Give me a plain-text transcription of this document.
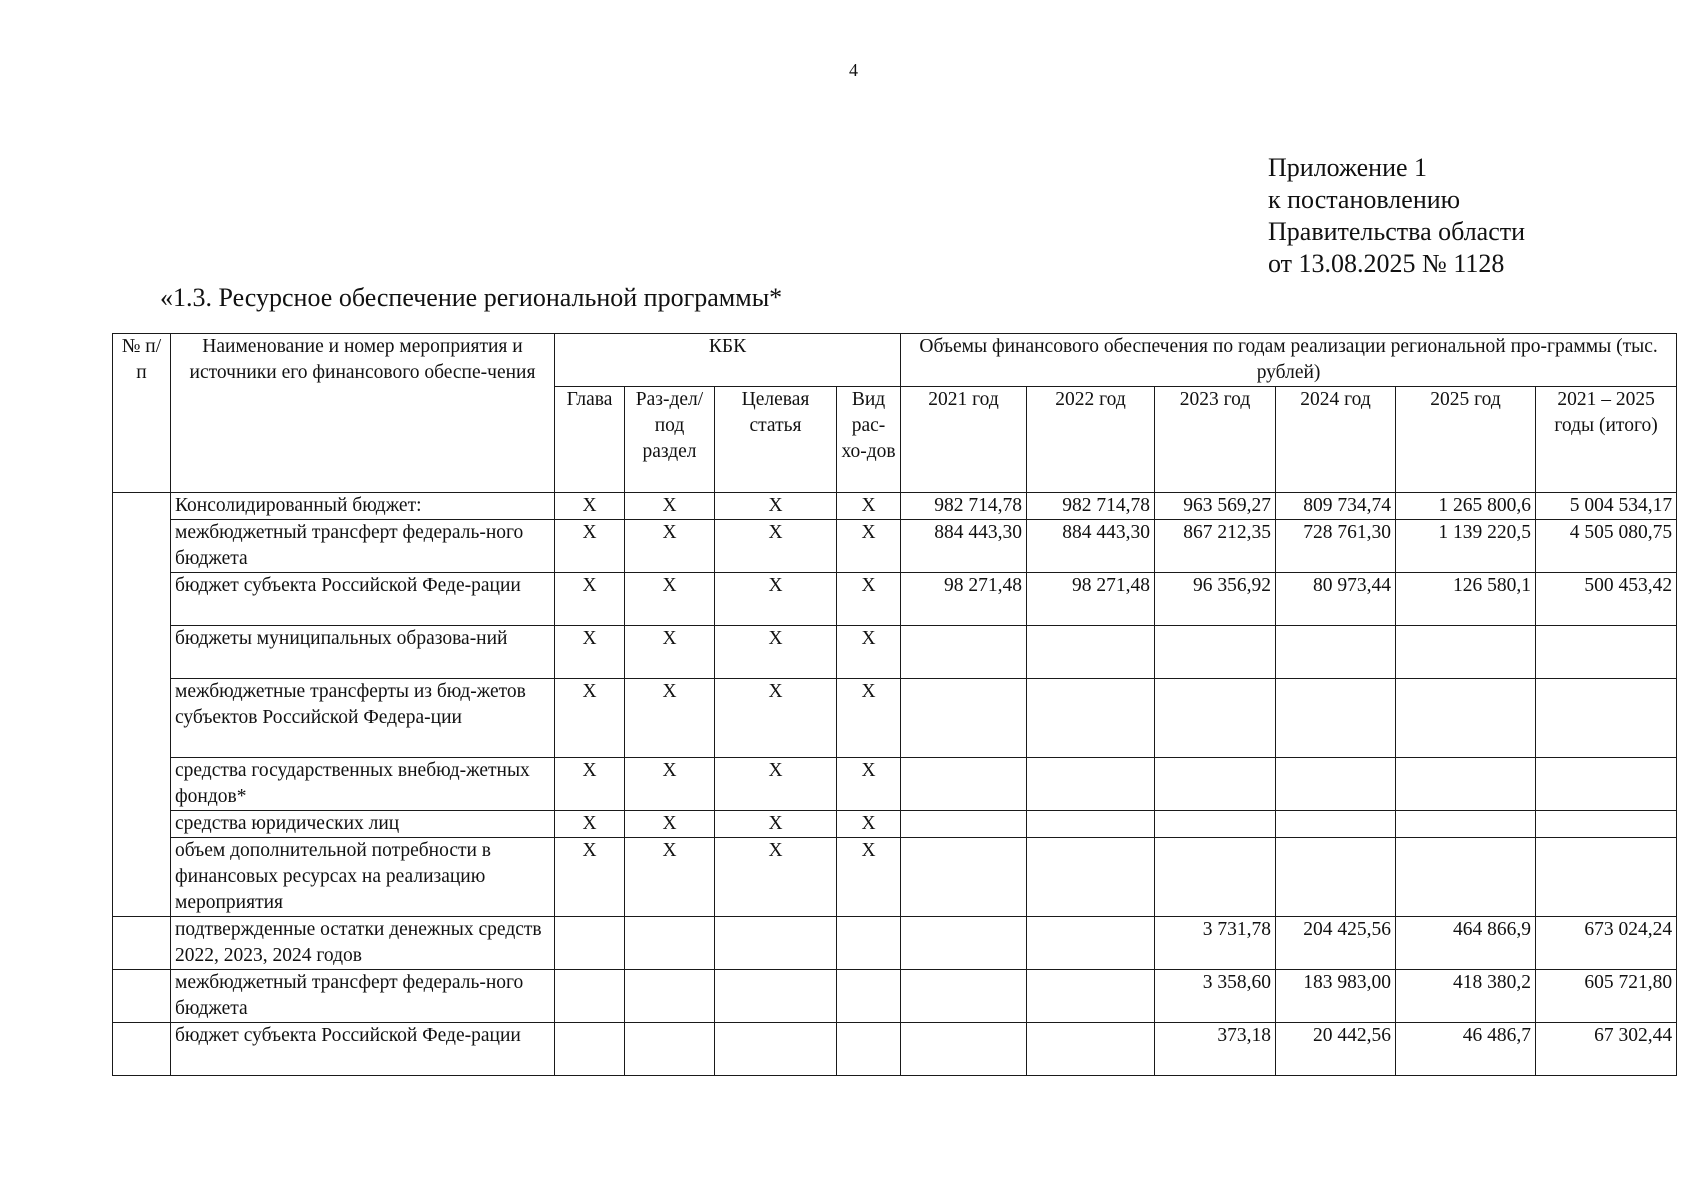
4
Приложение 1
к постановлению
Правительства области
от 13.08.2025 № 1128
«1.3. Ресурсное обеспечение региональной программы*
№ п/п	Наименование и номер мероприятия и источники его финансового обеспе-чения	КБК				Объемы финансового обеспечения по годам реализации региональной про-граммы (тыс. рублей)					
		Глава	Раз-дел/под раздел	Целевая статья	Вид рас-хо-дов	2021 год	2022 год	2023 год	2024 год	2025 год	2021 – 2025 годы (итого)
	Консолидированный бюджет:	X	X	X	X	982 714,78	982 714,78	963 569,27	809 734,74	1 265 800,6	5 004 534,17
	межбюджетный трансферт федераль-ного бюджета	X	X	X	X	884 443,30	884 443,30	867 212,35	728 761,30	1 139 220,5	4 505 080,75
	бюджет субъекта Российской Феде-рации	X	X	X	X	98 271,48	98 271,48	96 356,92	80 973,44	126 580,1	500 453,42
	бюджеты муниципальных образова-ний	X	X	X	X						
	межбюджетные трансферты из бюд-жетов субъектов Российской Федера-ции	X	X	X	X						
	средства государственных внебюд-жетных фондов*	X	X	X	X						
	средства юридических лиц	X	X	X	X						
	объем дополнительной потребности в финансовых ресурсах на реализацию мероприятия	X	X	X	X						
	подтвержденные остатки денежных средств 2022, 2023, 2024 годов							3 731,78	204 425,56	464 866,9	673 024,24
	межбюджетный трансферт федераль-ного бюджета							3 358,60	183 983,00	418 380,2	605 721,80
	бюджет субъекта Российской Феде-рации							373,18	20 442,56	46 486,7	67 302,44
